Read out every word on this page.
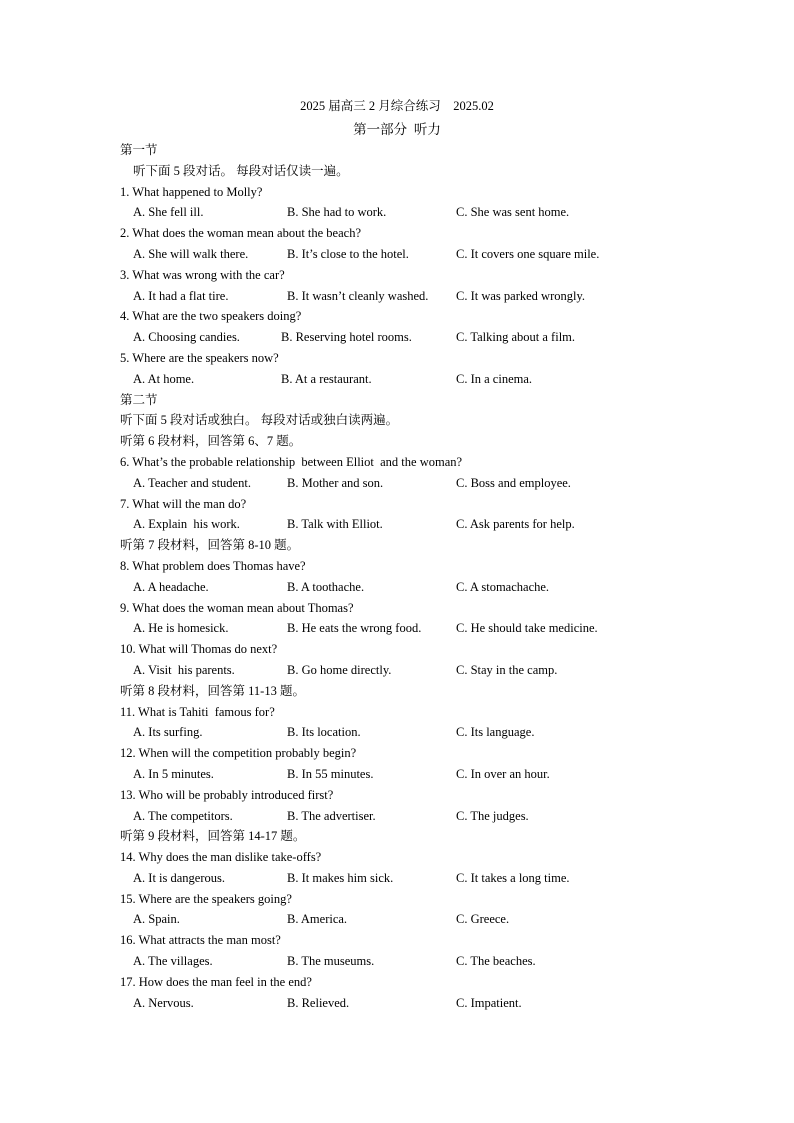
2025 届高三 2 月综合练习    2025.02
第一部分  听力
第一节
听下面 5 段对话。 每段对话仅读一遍。
1. What happened to Molly?

A. She fell ill.

	B. She had to work.

	C. She was sent home.

2. What does the woman mean about the beach?

A. She will walk there.

	B. It’s close to the hotel.

	C. It covers one square mile.

3. What was wrong with the car?

A. It had a flat tire.

	B. It wasn’t cleanly washed.

C. It was parked wrongly.

4. What are the two speakers doing?

A. Choosing candies.

	B. Reserving hotel rooms.

	C. Talking about a film.

5. Where are the speakers now?

A. At home.

	B. At a restaurant.

	C. In a cinema.

第二节
听下面 5 段对话或独白。 每段对话或独白读两遍。
听第 6 段材料，回答第 6、7 题。
6. What’s the probable relationship  between Elliot  and the woman?

A. Teacher and student.

	B. Mother and son.

	C. Boss and employee.

7. What will the man do?

A. Explain  his work.

	B. Talk with Elliot.

	C. Ask parents for help.

听第 7 段材料，回答第 8-10 题。
8. What problem does Thomas have?

A. A headache.

	B. A toothache.

	C. A stomachache.

9. What does the woman mean about Thomas?

A. He is homesick.

	B. He eats the wrong food.

	C. He should take medicine.

10. What will Thomas do next?

A. Visit  his parents.

	B. Go home directly.

	C. Stay in the camp.

听第 8 段材料，回答第 11-13 题。
11. What is Tahiti  famous for?

A. Its surfing.

	B. Its location.

	C. Its language.

12. When will the competition probably begin?

A. In 5 minutes.

	B. In 55 minutes.

	C. In over an hour.

13. Who will be probably introduced first?

A. The competitors.

	B. The advertiser.

	C. The judges.

听第 9 段材料，回答第 14-17 题。
14. Why does the man dislike take-offs?

A. It is dangerous.

	B. It makes him sick.

	C. It takes a long time.

15. Where are the speakers going?

A. Spain.

	B. America.

	C. Greece.

16. What attracts the man most?

A. The villages.

	B. The museums.

	C. The beaches.

17. How does the man feel in the end?

A. Nervous.

	B. Relieved.

	C. Impatient.
